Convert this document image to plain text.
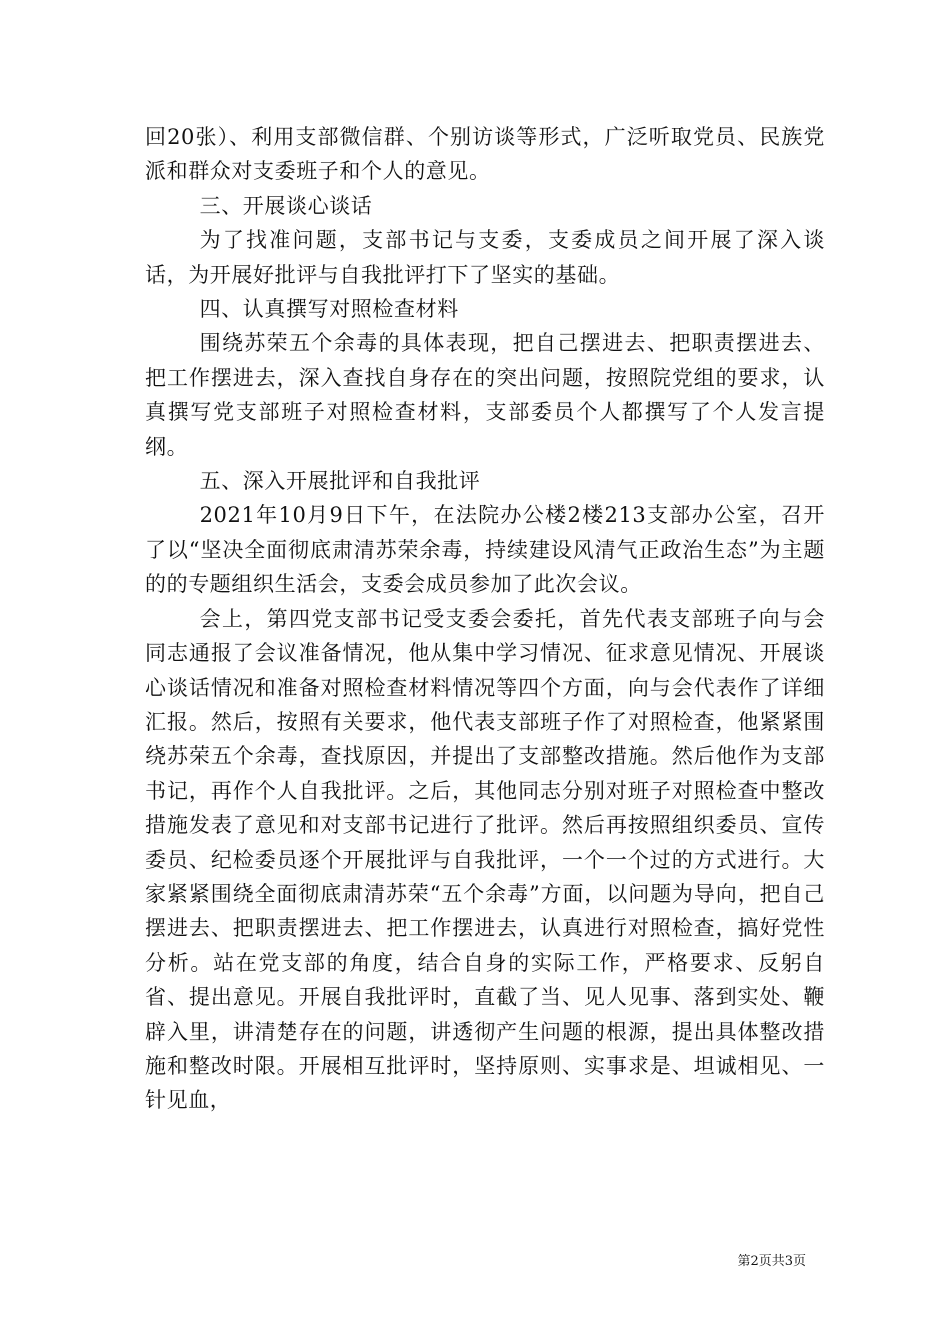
回20张）、利用支部微信群、个别访谈等形式，广泛听取党员、民族党派和群众对支委班子和个人的意见。

三、开展谈心谈话

为了找准问题，支部书记与支委，支委成员之间开展了深入谈话，为开展好批评与自我批评打下了坚实的基础。

四、认真撰写对照检查材料

围绕苏荣五个余毒的具体表现，把自己摆进去、把职责摆进去、把工作摆进去，深入查找自身存在的突出问题，按照院党组的要求，认真撰写党支部班子对照检查材料，支部委员个人都撰写了个人发言提纲。

五、深入开展批评和自我批评

2021年10月9日下午，在法院办公楼2楼213支部办公室，召开了以“坚决全面彻底肃清苏荣余毒，持续建设风清气正政治生态”为主题的的专题组织生活会，支委会成员参加了此次会议。

会上，第四党支部书记受支委会委托，首先代表支部班子向与会同志通报了会议准备情况，他从集中学习情况、征求意见情况、开展谈心谈话情况和准备对照检查材料情况等四个方面，向与会代表作了详细汇报。然后，按照有关要求，他代表支部班子作了对照检查，他紧紧围绕苏荣五个余毒，查找原因，并提出了支部整改措施。然后他作为支部书记，再作个人自我批评。之后，其他同志分别对班子对照检查中整改措施发表了意见和对支部书记进行了批评。然后再按照组织委员、宣传委员、纪检委员逐个开展批评与自我批评，一个一个过的方式进行。大家紧紧围绕全面彻底肃清苏荣“五个余毒”方面，以问题为导向，把自己摆进去、把职责摆进去、把工作摆进去，认真进行对照检查，搞好党性分析。站在党支部的角度，结合自身的实际工作，严格要求、反躬自省、提出意见。开展自我批评时，直截了当、见人见事、落到实处、鞭辟入里，讲清楚存在的问题，讲透彻产生问题的根源，提出具体整改措施和整改时限。开展相互批评时，坚持原则、实事求是、坦诚相见、一针见血，

第2页共3页
